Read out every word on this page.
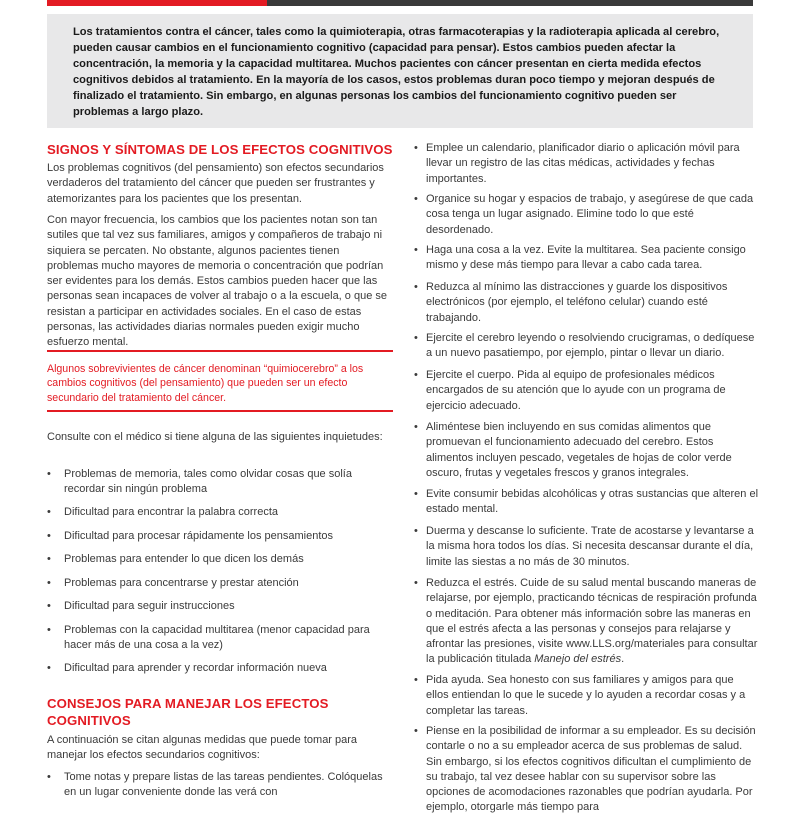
Los tratamientos contra el cáncer, tales como la quimioterapia, otras farmacoterapias y la radioterapia aplicada al cerebro, pueden causar cambios en el funcionamiento cognitivo (capacidad para pensar). Estos cambios pueden afectar la concentración, la memoria y la capacidad multitarea. Muchos pacientes con cáncer presentan en cierta medida efectos cognitivos debidos al tratamiento. En la mayoría de los casos, estos problemas duran poco tiempo y mejoran después de finalizado el tratamiento. Sin embargo, en algunas personas los cambios del funcionamiento cognitivo pueden ser problemas a largo plazo.
SIGNOS Y SÍNTOMAS DE LOS EFECTOS COGNITIVOS
Los problemas cognitivos (del pensamiento) son efectos secundarios verdaderos del tratamiento del cáncer que pueden ser frustrantes y atemorizantes para los pacientes que los presentan.
Con mayor frecuencia, los cambios que los pacientes notan son tan sutiles que tal vez sus familiares, amigos y compañeros de trabajo ni siquiera se percaten. No obstante, algunos pacientes tienen problemas mucho mayores de memoria o concentración que podrían ser evidentes para los demás. Estos cambios pueden hacer que las personas sean incapaces de volver al trabajo o a la escuela, o que se resistan a participar en actividades sociales. En el caso de estas personas, las actividades diarias normales pueden exigir mucho esfuerzo mental.
Algunos sobrevivientes de cáncer denominan “quimiocerebro” a los cambios cognitivos (del pensamiento) que pueden ser un efecto secundario del tratamiento del cáncer.
Consulte con el médico si tiene alguna de las siguientes inquietudes:
•	Problemas de memoria, tales como olvidar cosas que solía recordar sin ningún problema
•	Dificultad para encontrar la palabra correcta
•	Dificultad para procesar rápidamente los pensamientos
•	Problemas para entender lo que dicen los demás
•	Problemas para concentrarse y prestar atención
•	Dificultad para seguir instrucciones
•	Problemas con la capacidad multitarea (menor capacidad para hacer más de una cosa a la vez)
•	Dificultad para aprender y recordar información nueva
CONSEJOS PARA MANEJAR LOS EFECTOS COGNITIVOS
A continuación se citan algunas medidas que puede tomar para manejar los efectos secundarios cognitivos:
•	Tome notas y prepare listas de las tareas pendientes. Colóquelas en un lugar conveniente donde las verá con
• Emplee un calendario, planificador diario o aplicación móvil para llevar un registro de las citas médicas, actividades y fechas importantes.
• Organice su hogar y espacios de trabajo, y asegúrese de que cada cosa tenga un lugar asignado. Elimine todo lo que esté desordenado.
• Haga una cosa a la vez. Evite la multitarea. Sea paciente consigo mismo y dese más tiempo para llevar a cabo cada tarea.
• Reduzca al mínimo las distracciones y guarde los dispositivos electrónicos (por ejemplo, el teléfono celular) cuando esté trabajando.
• Ejercite el cerebro leyendo o resolviendo crucigramas, o dedíquese a un nuevo pasatiempo, por ejemplo, pintar o llevar un diario.
• Ejercite el cuerpo. Pida al equipo de profesionales médicos encargados de su atención que lo ayude con un programa de ejercicio adecuado.
• Aliméntese bien incluyendo en sus comidas alimentos que promuevan el funcionamiento adecuado del cerebro. Estos alimentos incluyen pescado, vegetales de hojas de color verde oscuro, frutas y vegetales frescos y granos integrales.
• Evite consumir bebidas alcohólicas y otras sustancias que alteren el estado mental.
• Duerma y descanse lo suficiente. Trate de acostarse y levantarse a la misma hora todos los días. Si necesita descansar durante el día, limite las siestas a no más de 30 minutos.
• Reduzca el estrés. Cuide de su salud mental buscando maneras de relajarse, por ejemplo, practicando técnicas de respiración profunda o meditación. Para obtener más información sobre las maneras en que el estrés afecta a las personas y consejos para relajarse y afrontar las presiones, visite www.LLS.org/materiales para consultar la publicación titulada Manejo del estrés.
• Pida ayuda. Sea honesto con sus familiares y amigos para que ellos entiendan lo que le sucede y lo ayuden a recordar cosas y a completar las tareas.
• Piense en la posibilidad de informar a su empleador. Es su decisión contarle o no a su empleador acerca de sus problemas de salud. Sin embargo, si los efectos cognitivos dificultan el cumplimiento de su trabajo, tal vez desee hablar con su supervisor sobre las opciones de acomodaciones razonables que podrían ayudarla. Por ejemplo, otorgarle más tiempo para
